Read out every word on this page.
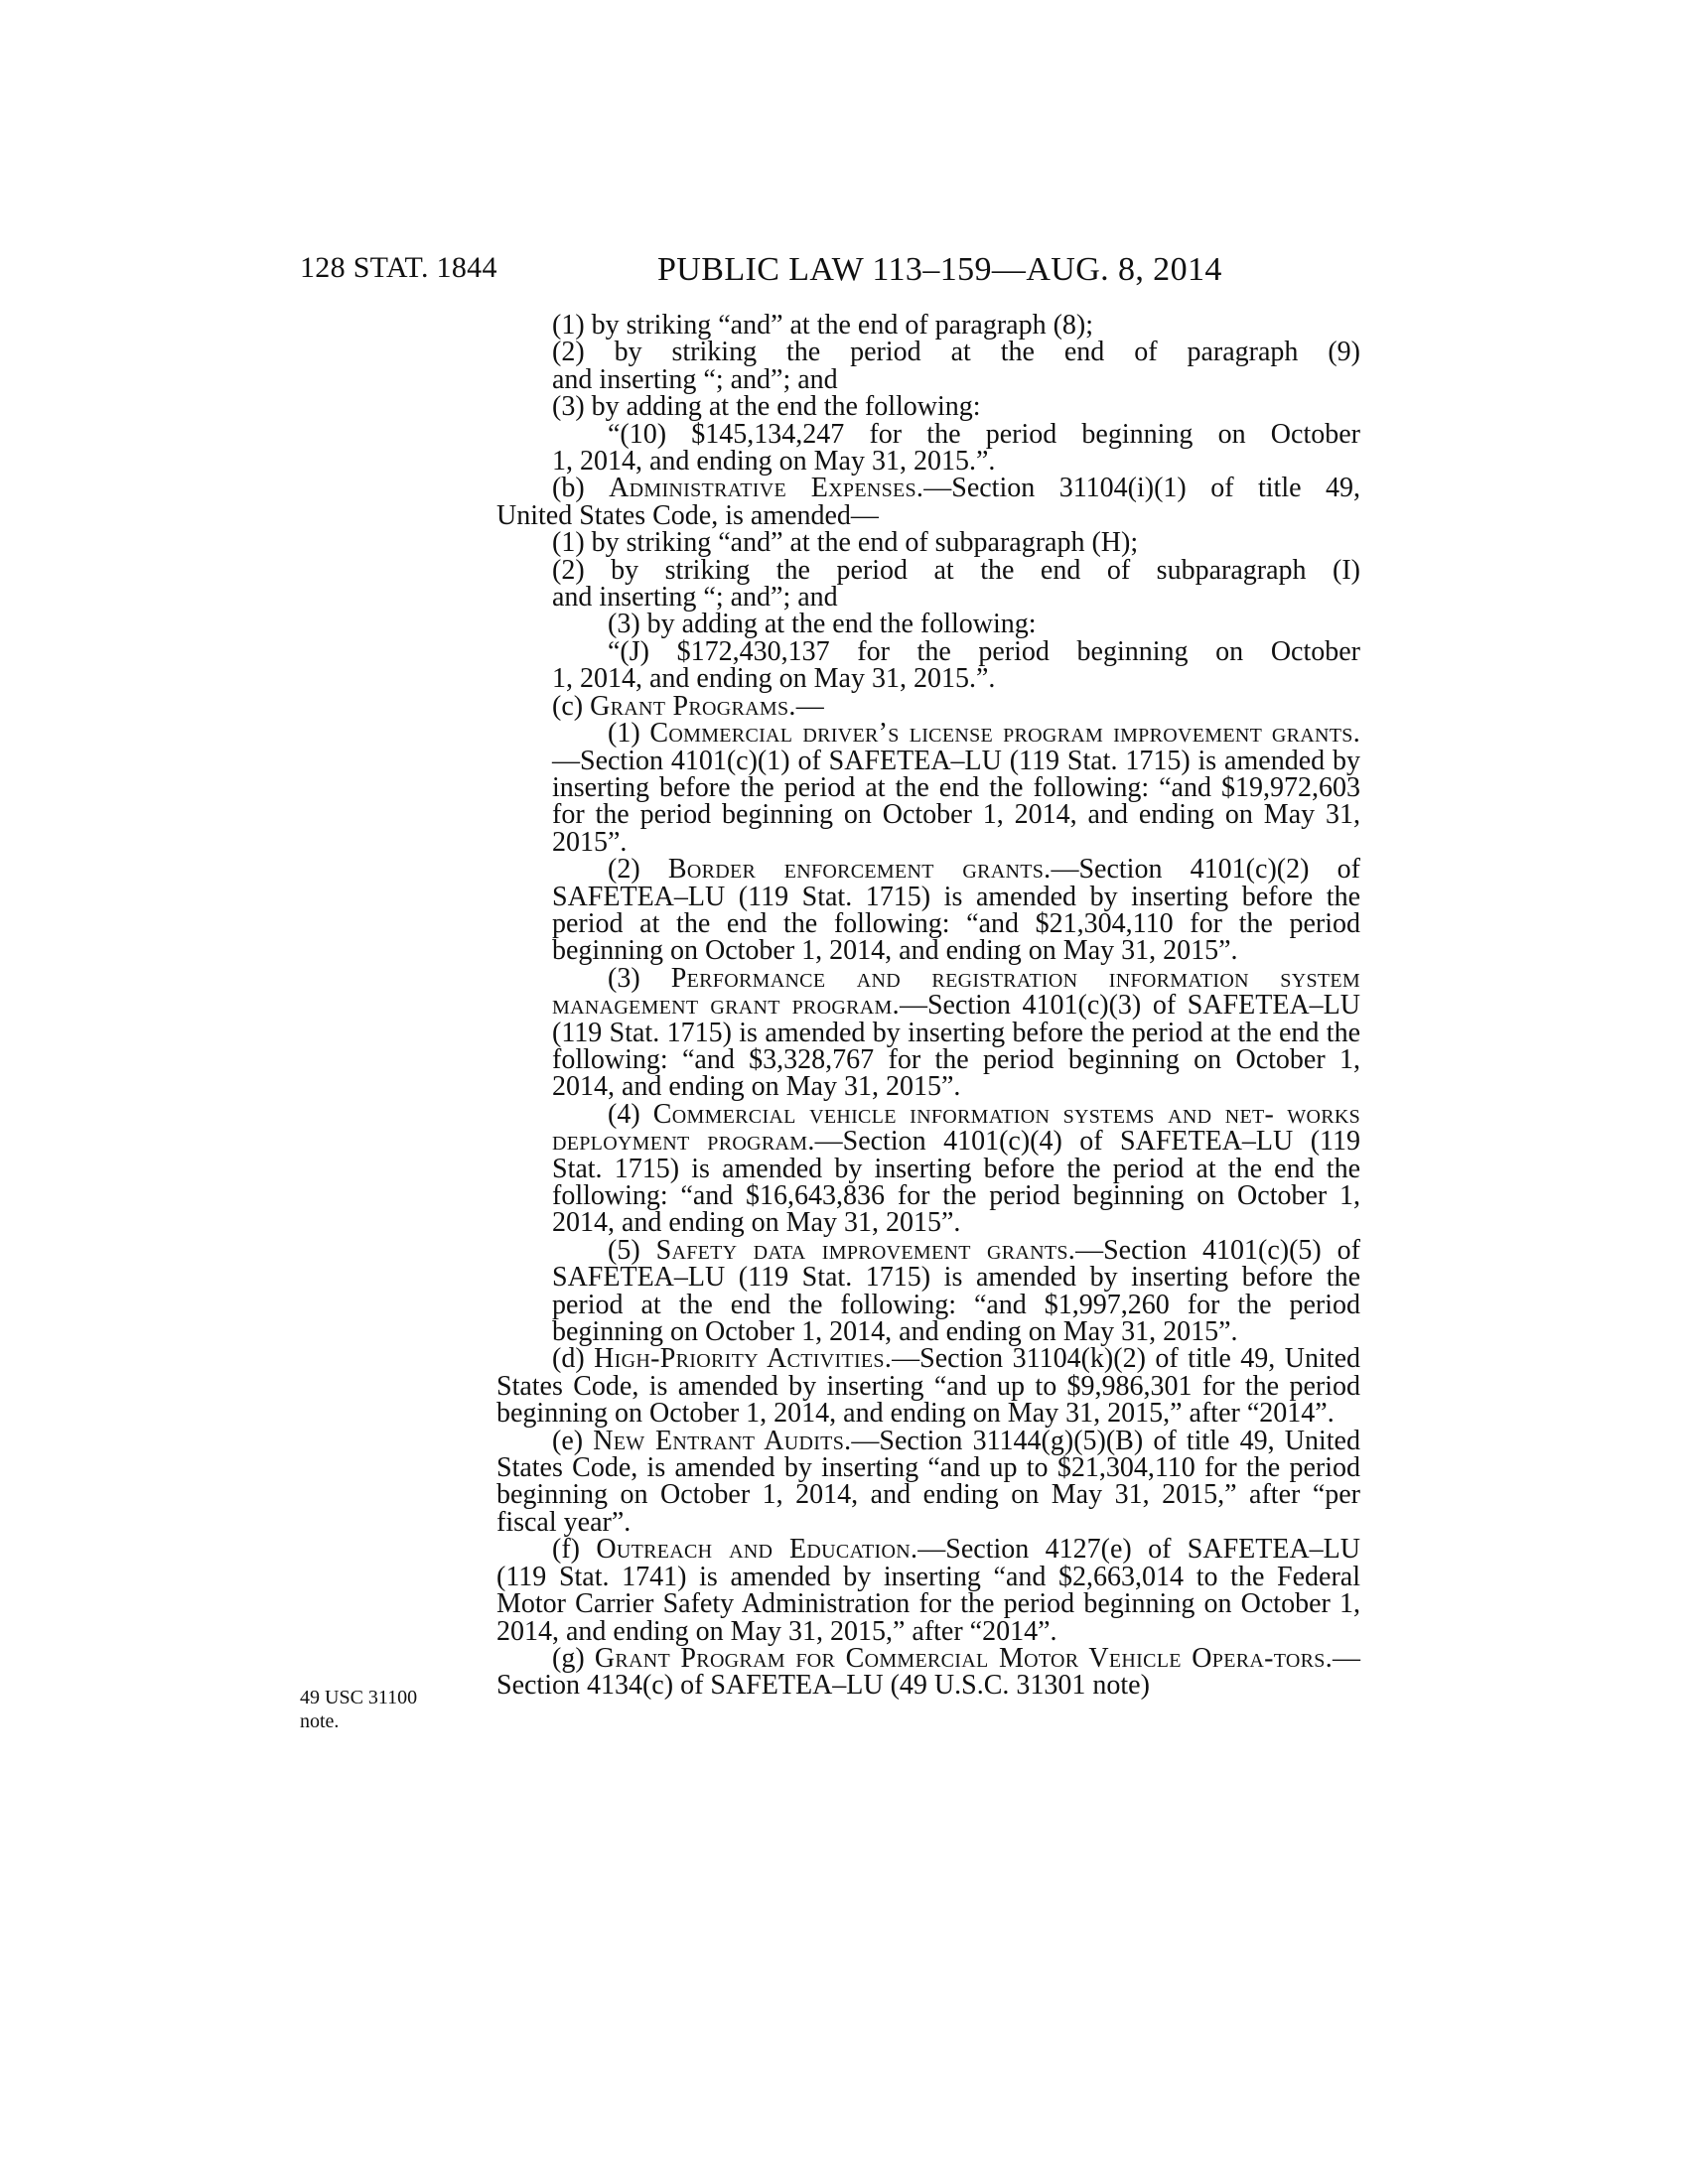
128 STAT. 1844	PUBLIC LAW 113–159—AUG. 8, 2014
49 USC 31100
note.

(1) by striking “and” at the end of paragraph (8);

(2) by striking the period at the end of paragraph (9)

and inserting “; and”; and

(3) by adding at the end the following:

“(10) $145,134,247 for the period beginning on October

1, 2014, and ending on May 31, 2015.”.

(b) Administrative Expenses.—Section 31104(i)(1) of title 49,

United States Code, is amended—

(1) by striking “and” at the end of subparagraph (H);

(2) by striking the period at the end of subparagraph (I)

and inserting “; and”; and

(3) by adding at the end the following:

“(J) $172,430,137 for the period beginning on October

1, 2014, and ending on May 31, 2015.”.

(c) Grant Programs.—

(1) Commercial driver’s license program improvement grants.—Section 4101(c)(1) of SAFETEA–LU (119 Stat. 1715) is amended by inserting before the period at the end the following: “and $19,972,603 for the period beginning on October 1, 2014, and ending on May 31, 2015”.

(2) Border enforcement grants.—Section 4101(c)(2) of SAFETEA–LU (119 Stat. 1715) is amended by inserting before the period at the end the following: “and $21,304,110 for the period beginning on October 1, 2014, and ending on May 31, 2015”.

(3) Performance and registration information system management grant program.—Section 4101(c)(3) of SAFETEA–LU (119 Stat. 1715) is amended by inserting before the period at the end the following: “and $3,328,767 for the period beginning on October 1, 2014, and ending on May 31, 2015”.

(4) Commercial vehicle information systems and net- works deployment program.—Section 4101(c)(4) of SAFETEA–LU (119 Stat. 1715) is amended by inserting before the period at the end the following: “and $16,643,836 for the period beginning on October 1, 2014, and ending on May 31, 2015”.

(5) Safety data improvement grants.—Section 4101(c)(5) of SAFETEA–LU (119 Stat. 1715) is amended by inserting before the period at the end the following: “and $1,997,260 for the period beginning on October 1, 2014, and ending on May 31, 2015”.

(d) High-Priority Activities.—Section 31104(k)(2) of title 49, United States Code, is amended by inserting “and up to $9,986,301 for the period beginning on October 1, 2014, and ending on May 31, 2015,” after “2014”.

(e) New Entrant Audits.—Section 31144(g)(5)(B) of title 49, United States Code, is amended by inserting “and up to $21,304,110 for the period beginning on October 1, 2014, and ending on May 31, 2015,” after “per fiscal year”.

(f) Outreach and Education.—Section 4127(e) of SAFETEA–LU (119 Stat. 1741) is amended by inserting “and $2,663,014 to the Federal Motor Carrier Safety Administration for the period beginning on October 1, 2014, and ending on May 31, 2015,” after “2014”.

(g) Grant Program for Commercial Motor Vehicle Opera-tors.—Section 4134(c) of SAFETEA–LU (49 U.S.C. 31301 note)
